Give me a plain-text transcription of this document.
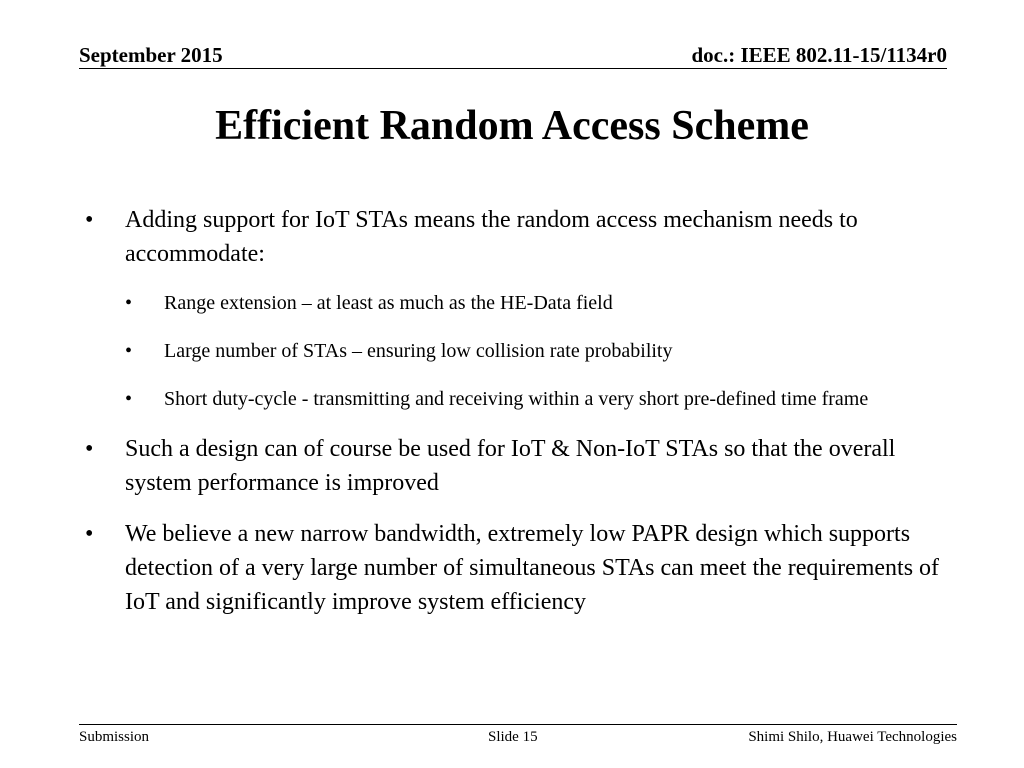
September 2015	doc.: IEEE 802.11-15/1134r0
Efficient Random Access Scheme
• Adding support for IoT STAs means the random access mechanism needs to accommodate:
• Range extension – at least as much as the HE-Data field
• Large number of STAs – ensuring low collision rate probability
• Short duty-cycle - transmitting and receiving within a very short pre-defined time frame
• Such a design can of course be used for IoT & Non-IoT STAs so that the overall system performance is improved
• We believe a new narrow bandwidth, extremely low PAPR design which supports detection of a very large number of simultaneous STAs can meet the requirements of IoT and significantly improve system efficiency
Submission	Slide 15	Shimi Shilo, Huawei Technologies
